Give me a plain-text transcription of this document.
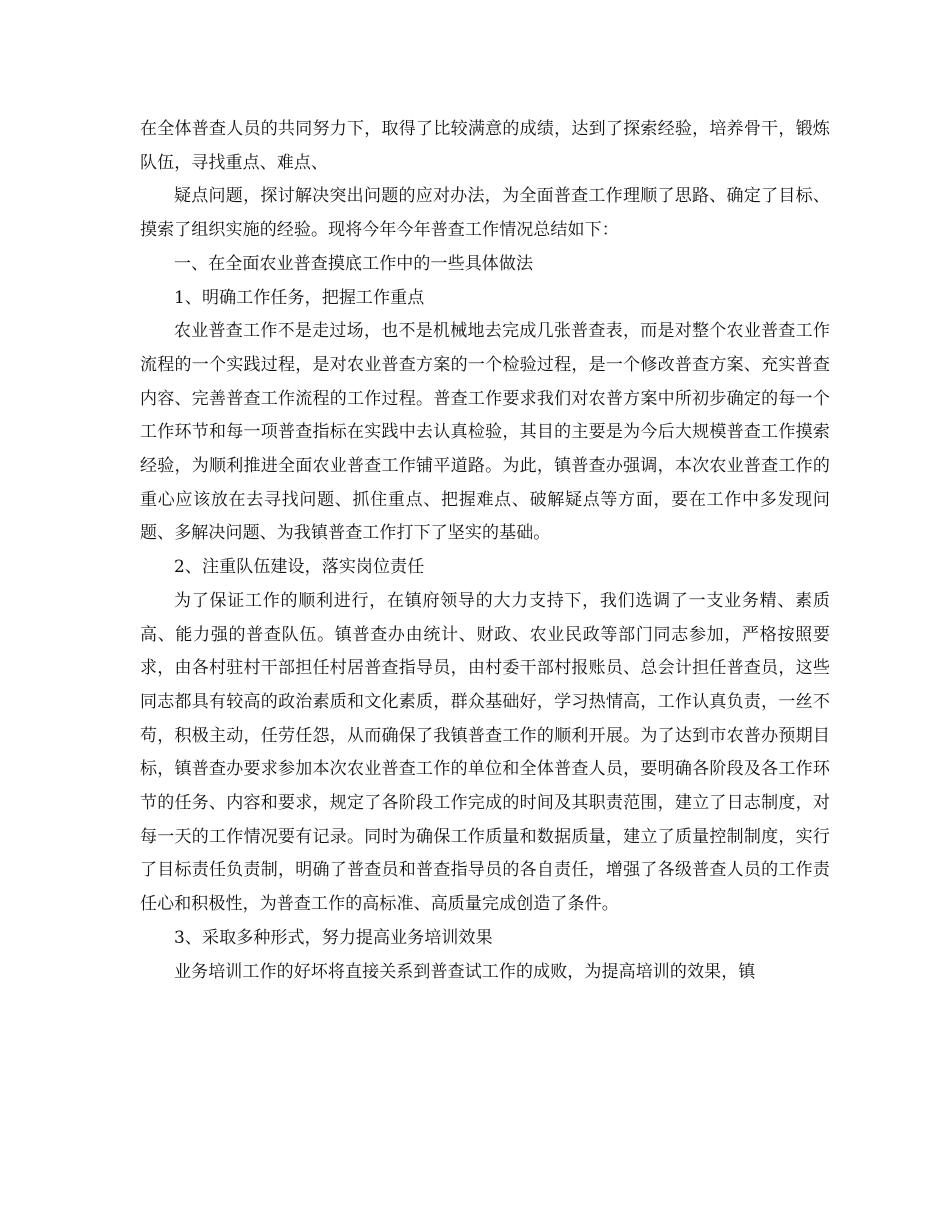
在全体普查人员的共同努力下，取得了比较满意的成绩，达到了探索经验，培养骨干，锻炼队伍，寻找重点、难点、

疑点问题，探讨解决突出问题的应对办法，为全面普查工作理顺了思路、确定了目标、摸索了组织实施的经验。现将今年今年普查工作情况总结如下：

一、在全面农业普查摸底工作中的一些具体做法

1、明确工作任务，把握工作重点

农业普查工作不是走过场，也不是机械地去完成几张普查表，而是对整个农业普查工作流程的一个实践过程，是对农业普查方案的一个检验过程，是一个修改普查方案、充实普查内容、完善普查工作流程的工作过程。普查工作要求我们对农普方案中所初步确定的每一个工作环节和每一项普查指标在实践中去认真检验，其目的主要是为今后大规模普查工作摸索经验，为顺利推进全面农业普查工作铺平道路。为此，镇普查办强调，本次农业普查工作的重心应该放在去寻找问题、抓住重点、把握难点、破解疑点等方面，要在工作中多发现问题、多解决问题、为我镇普查工作打下了坚实的基础。

2、注重队伍建设，落实岗位责任

为了保证工作的顺利进行，在镇府领导的大力支持下，我们选调了一支业务精、素质高、能力强的普查队伍。镇普查办由统计、财政、农业民政等部门同志参加，严格按照要求，由各村驻村干部担任村居普查指导员，由村委干部村报账员、总会计担任普查员，这些同志都具有较高的政治素质和文化素质，群众基础好，学习热情高，工作认真负责，一丝不苟，积极主动，任劳任怨，从而确保了我镇普查工作的顺利开展。为了达到市农普办预期目标，镇普查办要求参加本次农业普查工作的单位和全体普查人员，要明确各阶段及各工作环节的任务、内容和要求，规定了各阶段工作完成的时间及其职责范围，建立了日志制度，对每一天的工作情况要有记录。同时为确保工作质量和数据质量，建立了质量控制制度，实行了目标责任负责制，明确了普查员和普查指导员的各自责任，增强了各级普查人员的工作责任心和积极性，为普查工作的高标准、高质量完成创造了条件。

3、采取多种形式，努力提高业务培训效果

业务培训工作的好坏将直接关系到普查试工作的成败，为提高培训的效果，镇
